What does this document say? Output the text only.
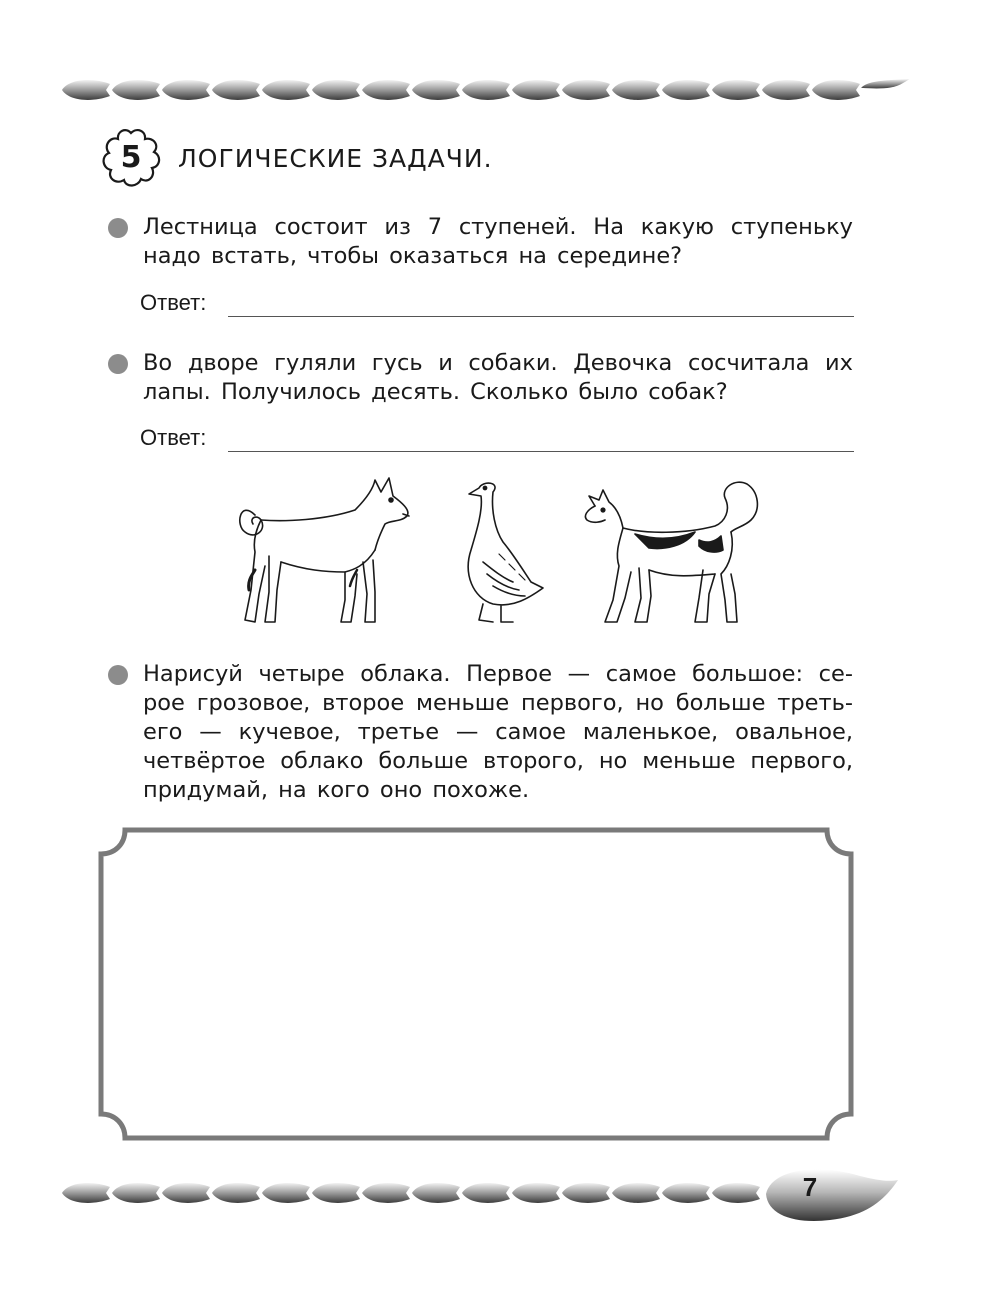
5	ЛОГИЧЕСКИЕ ЗАДАЧИ.
Лестница состоит из 7 ступеней. На какую ступеньку
надо встать, чтобы оказаться на середине?
Ответ:
Во дворе гуляли гусь и собаки. Девочка сосчитала их
лапы. Получилось десять. Сколько было собак?
Ответ:
Нарисуй четыре облака. Первое — самое большое: се-
рое грозовое, второе меньше первого, но больше треть-
его — кучевое, третье — самое маленькое, овальное,
четвёртое облако больше второго, но меньше первого,
придумай, на кого оно похоже.
7
